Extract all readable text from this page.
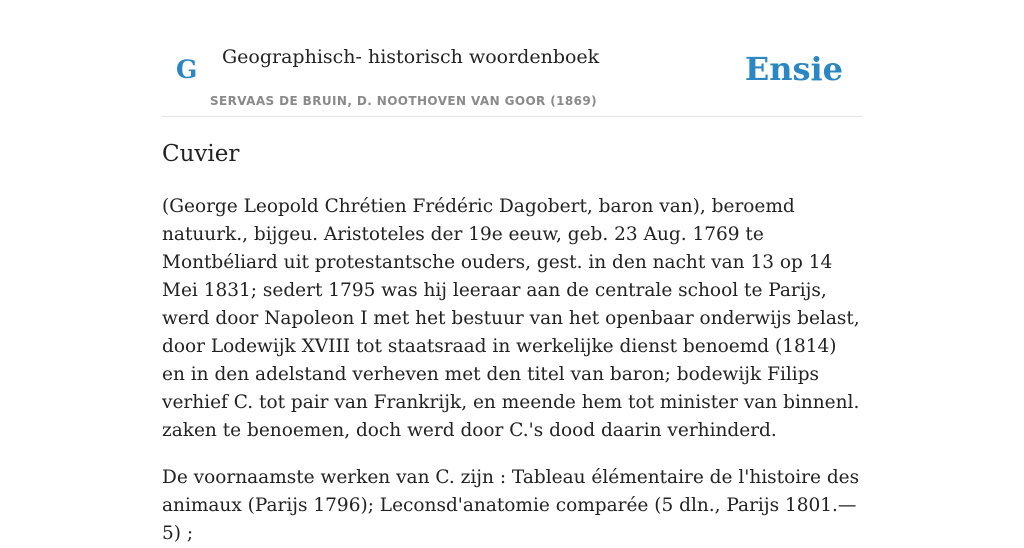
G Geographisch- historisch woordenboek
SERVAAS DE BRUIN, D. NOOTHOVEN VAN GOOR (1869)
Ensie
Cuvier

(George Leopold Chrétien Frédéric Dagobert, baron van), beroemd natuurk., bijgeu. Aristoteles der 19e eeuw, geb. 23 Aug. 1769 te Montbéliard uit protestantsche ouders, gest. in den nacht van 13 op 14 Mei 1831; sedert 1795 was hij leeraar aan de centrale school te Parijs, werd door Napoleon I met het bestuur van het openbaar onderwijs belast, door Lodewijk XVIII tot staatsraad in werkelijke dienst benoemd (1814) en in den adelstand verheven met den titel van baron; bodewijk Filips verhief C. tot pair van Frankrijk, en meende hem tot minister van binnenl. zaken te benoemen, doch werd door C.'s dood daarin verhinderd.

De voornaamste werken van C. zijn : Tableau élémentaire de l'histoire des animaux (Parijs 1796); Leconsd'anatomie comparée (5 dln., Parijs 1801.—5) ;
